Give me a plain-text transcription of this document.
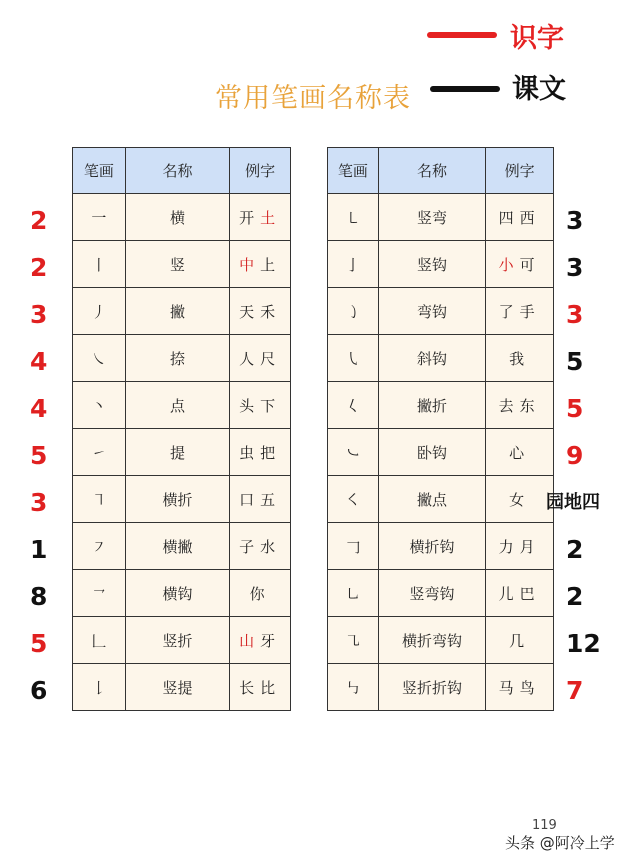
识字
课文
常用笔画名称表
笔画	名称	例字
一	横	开土
丨	竖	中上
丿	撇	天禾
㇏	捺	人尺
丶	点	头下
㇀	提	虫把
㇕	横折	口五
㇇	横撇	子水
㇖	横钩	你
𠃊	竖折	山牙
𠄌	竖提	长比
笔画	名称	例字
㇄	竖弯	四西
亅	竖钩	小可
㇁	弯钩	了手
㇂	斜钩	我
𡿨	撇折	去东
㇃	卧钩	心
㇛	撇点	女
𠃌	横折钩	力月
㇟	竖弯钩	儿巴
㇈	横折弯钩	几
㇉	竖折折钩	马鸟
2
2
3
4
4
5
3
1
8
5
6
3
3
3
5
5
9
2
2
12
7
园地四
119
头条 @阿冷上学
